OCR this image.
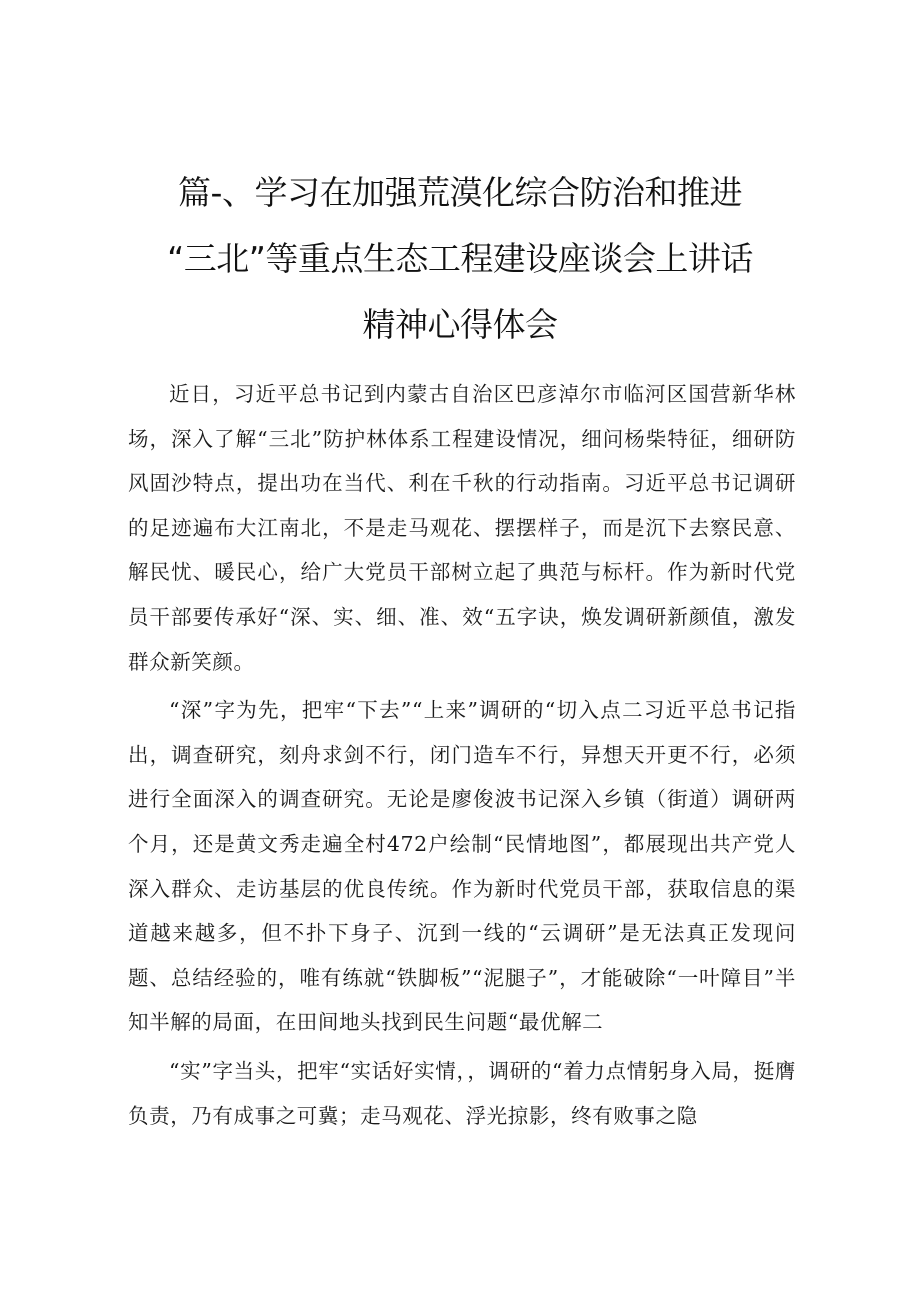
篇-、学习在加强荒漠化综合防治和推进
“三北”等重点生态工程建设座谈会上讲话
精神心得体会

近日，习近平总书记到内蒙古自治区巴彦淖尔市临河区国营新华林场，深入了解“三北”防护林体系工程建设情况，细问杨柴特征，细研防风固沙特点，提出功在当代、利在千秋的行动指南。习近平总书记调研的足迹遍布大江南北，不是走马观花、摆摆样子，而是沉下去察民意、解民忧、暖民心，给广大党员干部树立起了典范与标杆。作为新时代党员干部要传承好“深、实、细、准、效“五字诀，焕发调研新颜值，激发群众新笑颜。

“深”字为先，把牢“下去”“上来”调研的“切入点二习近平总书记指出，调查研究，刻舟求剑不行，闭门造车不行，异想天开更不行，必须进行全面深入的调查研究。无论是廖俊波书记深入乡镇（街道）调研两个月，还是黄文秀走遍全村472户绘制“民情地图”，都展现出共产党人深入群众、走访基层的优良传统。作为新时代党员干部，获取信息的渠道越来越多，但不扑下身子、沉到一线的“云调研”是无法真正发现问题、总结经验的，唯有练就“铁脚板”“泥腿子”，才能破除“一叶障目”半知半解的局面，在田间地头找到民生问题“最优解二

“实”字当头，把牢“实话好实情，，调研的“着力点情躬身入局，挺膺负责，乃有成事之可冀；走马观花、浮光掠影，终有败事之隐
